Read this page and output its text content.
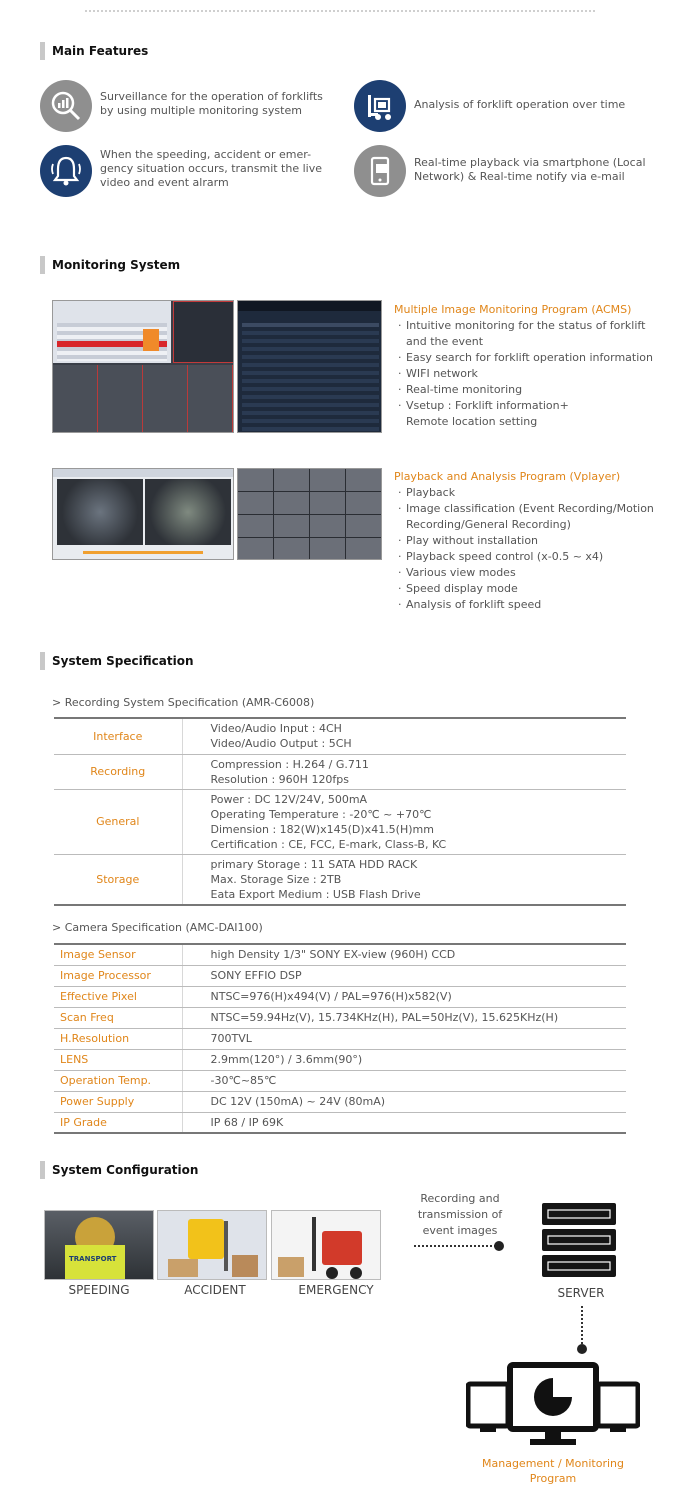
Main Features
Surveillance for the operation of forklifts
by using multiple monitoring system	Analysis of forklift operation over time
When the speeding, accident or emer-
gency situation occurs, transmit the live
video and event alrarm
Real-time playback via smartphone (Local
Network) & Real-time notify via e-mail
Monitoring System
Multiple Image Monitoring Program (ACMS)
· Intuitive monitoring for the status of forklift
and the event
· Easy search for forklift operation information
· WIFI network
· Real-time monitoring
· Vsetup : Forklift information+
Remote location setting
Playback and Analysis Program (Vplayer)
· Playback
· Image classification (Event Recording/Motion
Recording/General Recording)
· Play without installation
· Playback speed control (x-0.5 ~ x4)
· Various view modes
· Speed display mode
· Analysis of forklift speed
System Specification
> Recording System Specification (AMR-C6008)
Interface	Video/Audio Input : 4CH
Video/Audio Output : 5CH

Recording	Compression : H.264 / G.711
Resolution : 960H 120fps

General	Power : DC 12V/24V, 500mA
Operating Temperature : -20℃ ~ +70℃
Dimension : 182(W)x145(D)x41.5(H)mm
Certification : CE, FCC, E-mark, Class-B, KC

Storage	primary Storage : 11 SATA HDD RACK
Max. Storage Size : 2TB
Eata Export Medium : USB Flash Drive
> Camera Specification (AMC-DAI100)
Image Sensor	high Density 1/3" SONY EX-view (960H) CCD
Image Processor	SONY EFFIO DSP
Effective Pixel	NTSC=976(H)x494(V) / PAL=976(H)x582(V)
Scan Freq	NTSC=59.94Hz(V), 15.734KHz(H), PAL=50Hz(V), 15.625KHz(H)
H.Resolution	700TVL
LENS	2.9mm(120°) / 3.6mm(90°)
Operation Temp.	-30℃~85℃
Power Supply	DC 12V (150mA) ~ 24V (80mA)
IP Grade	IP 68 / IP 69K
System Configuration
TRANSPORT
SPEEDING	ACCIDENT	EMERGENCY
Recording and
transmission of
event images
SERVER
Management / Monitoring
Program
